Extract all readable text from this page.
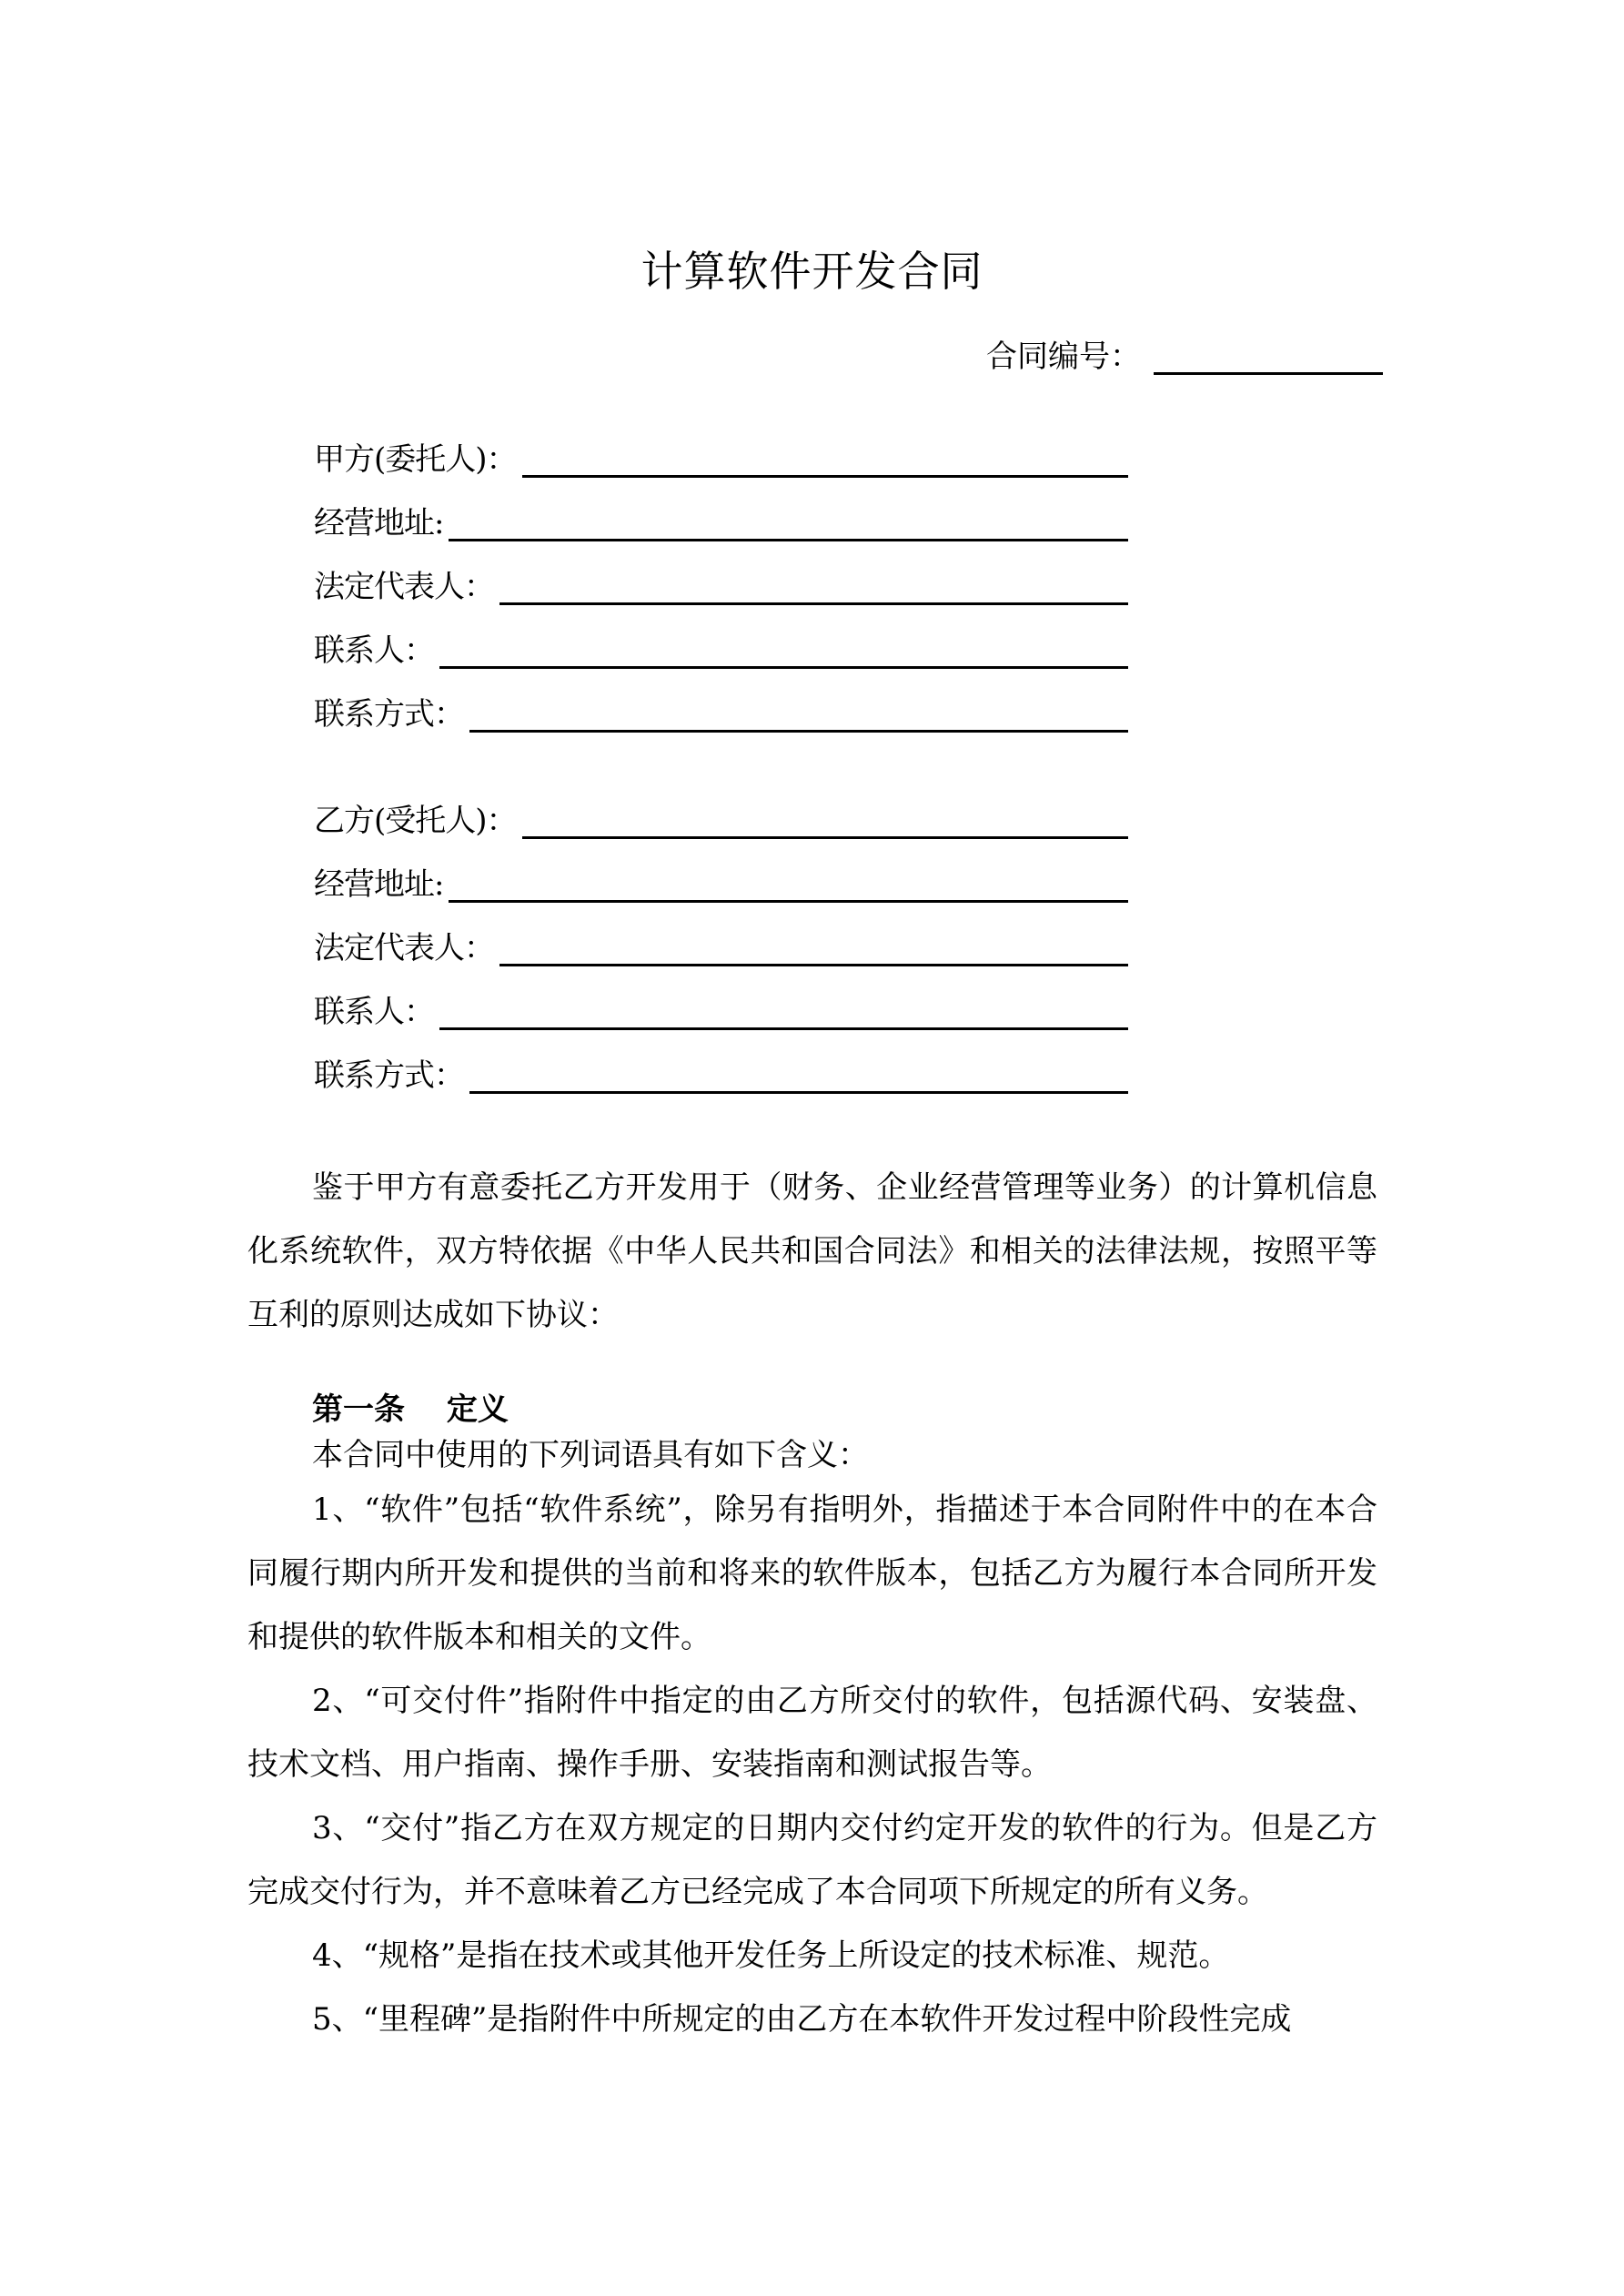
计算软件开发合同
合同编号：
甲方(委托人)：
经营地址:
法定代表人：
联系人：
联系方式：
乙方(受托人)：
经营地址:
法定代表人：
联系人：
联系方式：

鉴于甲方有意委托乙方开发用于（财务、企业经营管理等业务）的计算机信息化系统软件，双方特依据《中华人民共和国合同法》和相关的法律法规，按照平等互利的原则达成如下协议：

第一条　 定义

本合同中使用的下列词语具有如下含义：

1、“软件”包括“软件系统”，除另有指明外，指描述于本合同附件中的在本合同履行期内所开发和提供的当前和将来的软件版本，包括乙方为履行本合同所开发和提供的软件版本和相关的文件。

2、“可交付件”指附件中指定的由乙方所交付的软件，包括源代码、安装盘、技术文档、用户指南、操作手册、安装指南和测试报告等。

3、“交付”指乙方在双方规定的日期内交付约定开发的软件的行为。但是乙方完成交付行为，并不意味着乙方已经完成了本合同项下所规定的所有义务。

4、“规格”是指在技术或其他开发任务上所设定的技术标准、规范。

5、“里程碑”是指附件中所规定的由乙方在本软件开发过程中阶段性完成
